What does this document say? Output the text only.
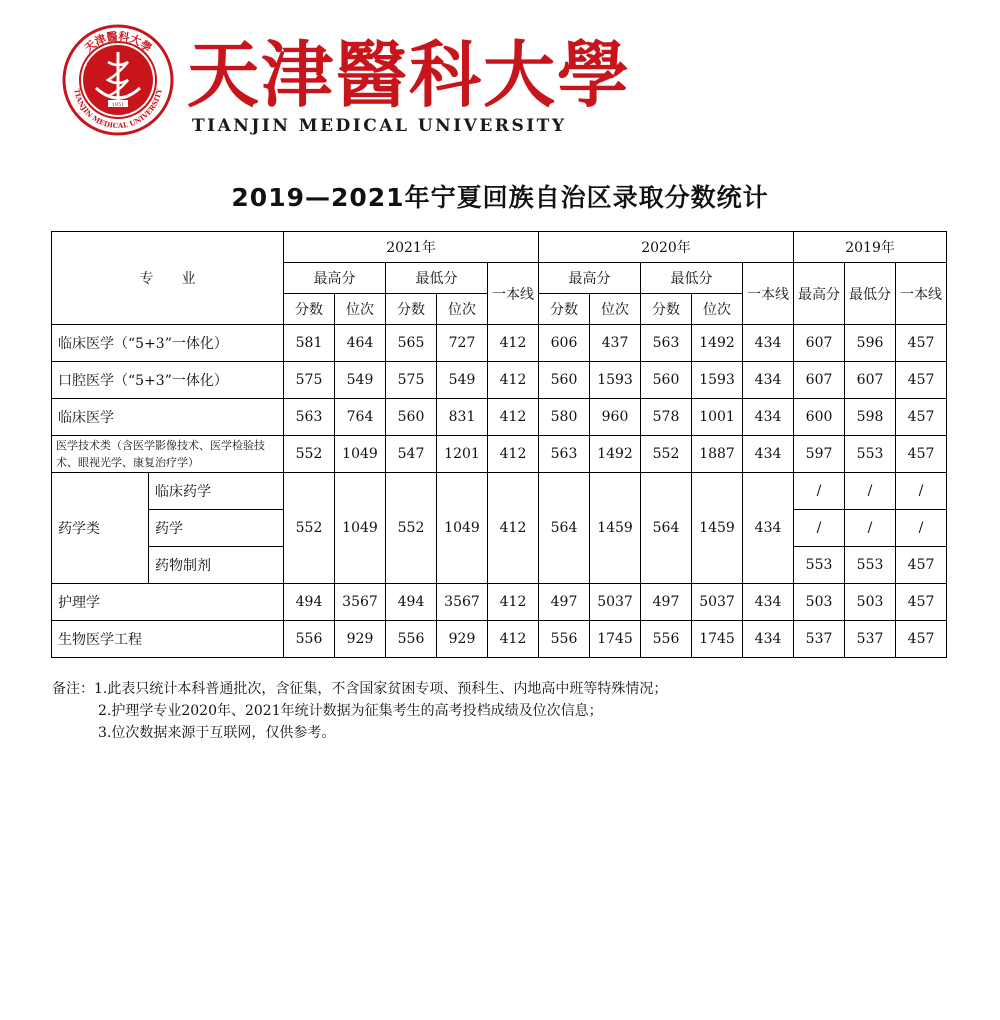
1951
天津醫科大學
TIANJIN MEDICAL UNIVERSITY 天津醫科大學
TIANJIN MEDICAL UNIVERSITY
2019—2021年宁夏回族自治区录取分数统计
专　　业		2021年					2020年					2019年		
		最高分		最低分		一本线	最高分		最低分		一本线	最高分	最低分	一本线
		分数	位次	分数	位次		分数	位次	分数	位次				
临床医学（“5+3”一体化）		581	464	565	727	412	606	437	563	1492	434	607	596	457
口腔医学（“5+3”一体化）		575	549	575	549	412	560	1593	560	1593	434	607	607	457
临床医学		563	764	560	831	412	580	960	578	1001	434	600	598	457
医学技术类（含医学影像技术、医学检验技术、眼视光学、康复治疗学）		552	1049	547	1201	412	563	1492	552	1887	434	597	553	457
药学类	临床药学	552	1049	552	1049	412	564	1459	564	1459	434	/	/	/
	药学											/	/	/
	药物制剂											553	553	457
护理学		494	3567	494	3567	412	497	5037	497	5037	434	503	503	457
生物医学工程		556	929	556	929	412	556	1745	556	1745	434	537	537	457
备注：1.此表只统计本科普通批次，含征集，不含国家贫困专项、预科生、内地高中班等特殊情况；
2.护理学专业2020年、2021年统计数据为征集考生的高考投档成绩及位次信息；
3.位次数据来源于互联网，仅供参考。
